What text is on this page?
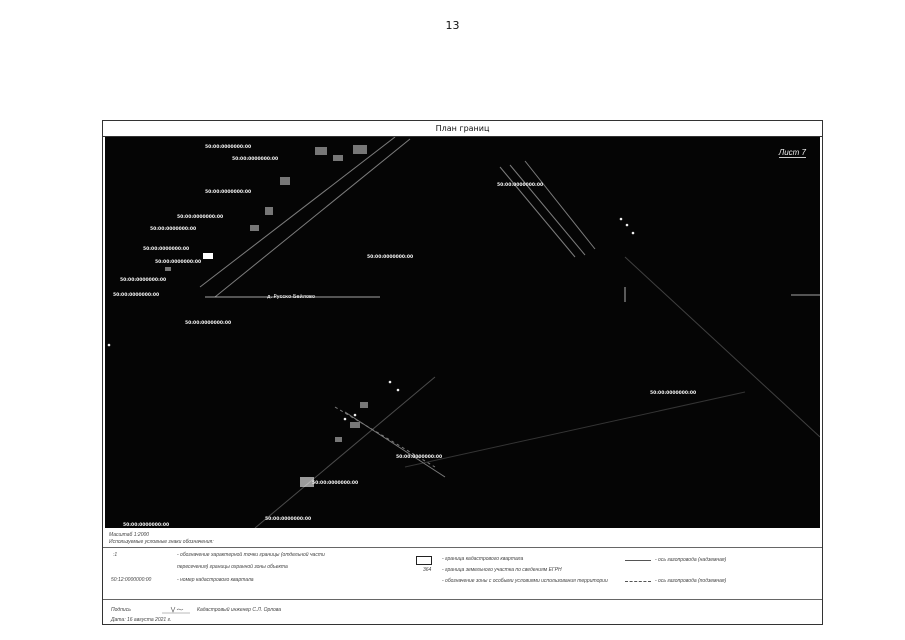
13
План границ
Лист 7
50:00:0000000:00
50:00:0000000:00
50:00:0000000:00
50:00:0000000:00
50:00:0000000:00
50:00:0000000:00
50:00:0000000:00
50:00:0000000:00
50:00:0000000:00
50:00:0000000:00
50:00:0000000:00
50:00:0000000:00
50:00:0000000:00
50:00:0000000:00
50:00:0000000:00
50:00:0000000:00
50:00:0000000:00
д. Русско-Бейлово
Масштаб 1:2000
Используемые условные знаки обозначения:
:1	- обозначение характерной точки границы (отдельной части
пересечения) границы охранной зоны объекта
50:12:0000000:00	- номер кадастрового квартала
- граница кадастрового квартала
364 - граница земельного участка по сведениям ЕГРН
- обозначение зоны с особыми условиями использования территории
- ось газопровода (надземная)
- ось газопровода (подземная)
Подпись	Кадастровый инженер С.Л. Орлова
Дата: 16 августа 2021 г.
